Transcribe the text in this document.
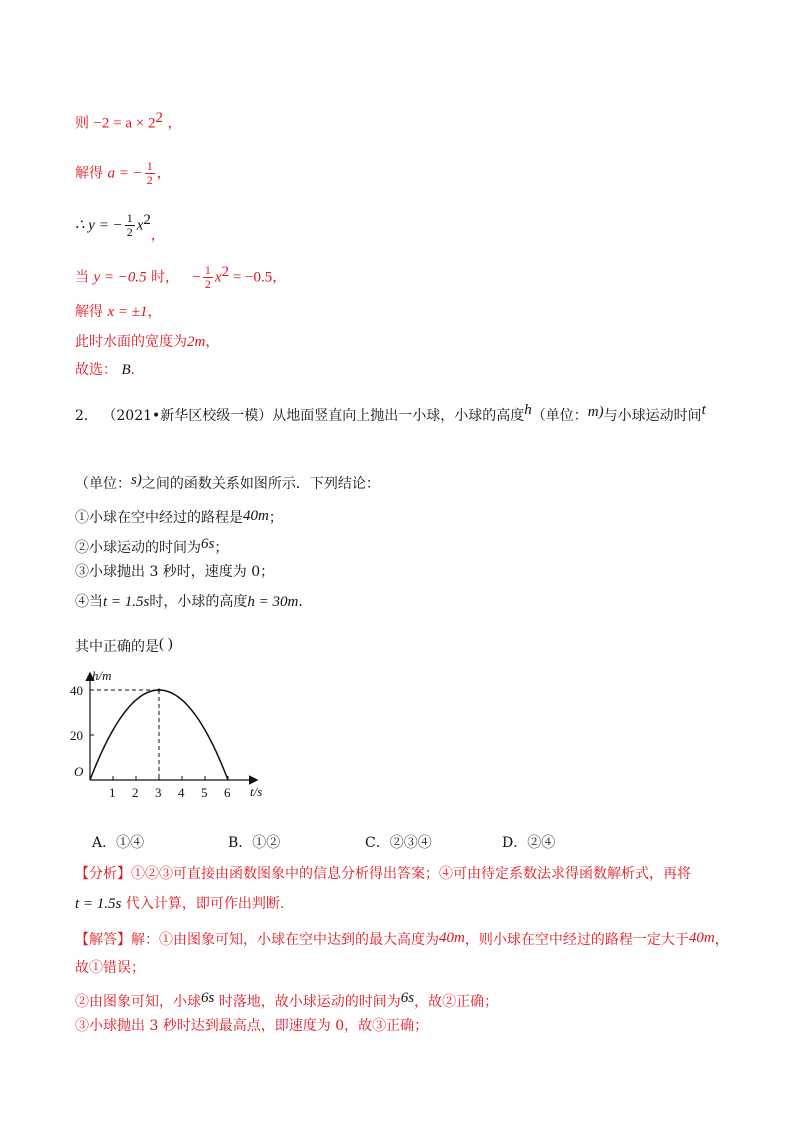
则 $-2 = a \times 2^2$ ，
解得 a = − $\frac{1}{2}$ ，
∴ y = − $\frac{1}{2} x^2$，
当 y = −0.5 时， − $\frac{1}{2} x^2 = -0.5$，
解得 x = ±1，
此时水面的宽度为2m，
故选： B．
2． （2021•新华区校级一模）从地面竖直向上抛出一小球，小球的高度h（单位：m)与小球运动时间t
（单位：s)之间的函数关系如图所示．下列结论：
①小球在空中经过的路程是40m；
②小球运动的时间为6s；
③小球抛出 3 秒时，速度为 0；
④当t = 1.5s时，小球的高度h = 30m．
其中正确的是( )
1 2 3 4 5 6
40
20
h/m
t/s
O
A．①④	B．①②	C．②③④	D．②④
【分析】①②③可直接由函数图象中的信息分析得出答案；④可由待定系数法求得函数解析式，再将
t = 1.5s 代入计算，即可作出判断.
【解答】解：①由图象可知，小球在空中达到的最大高度为40m，则小球在空中经过的路程一定大于40m，
故①错误；
②由图象可知，小球6s 时落地，故小球运动的时间为6s，故②正确；
③小球抛出 3 秒时达到最高点，即速度为 0，故③正确；
